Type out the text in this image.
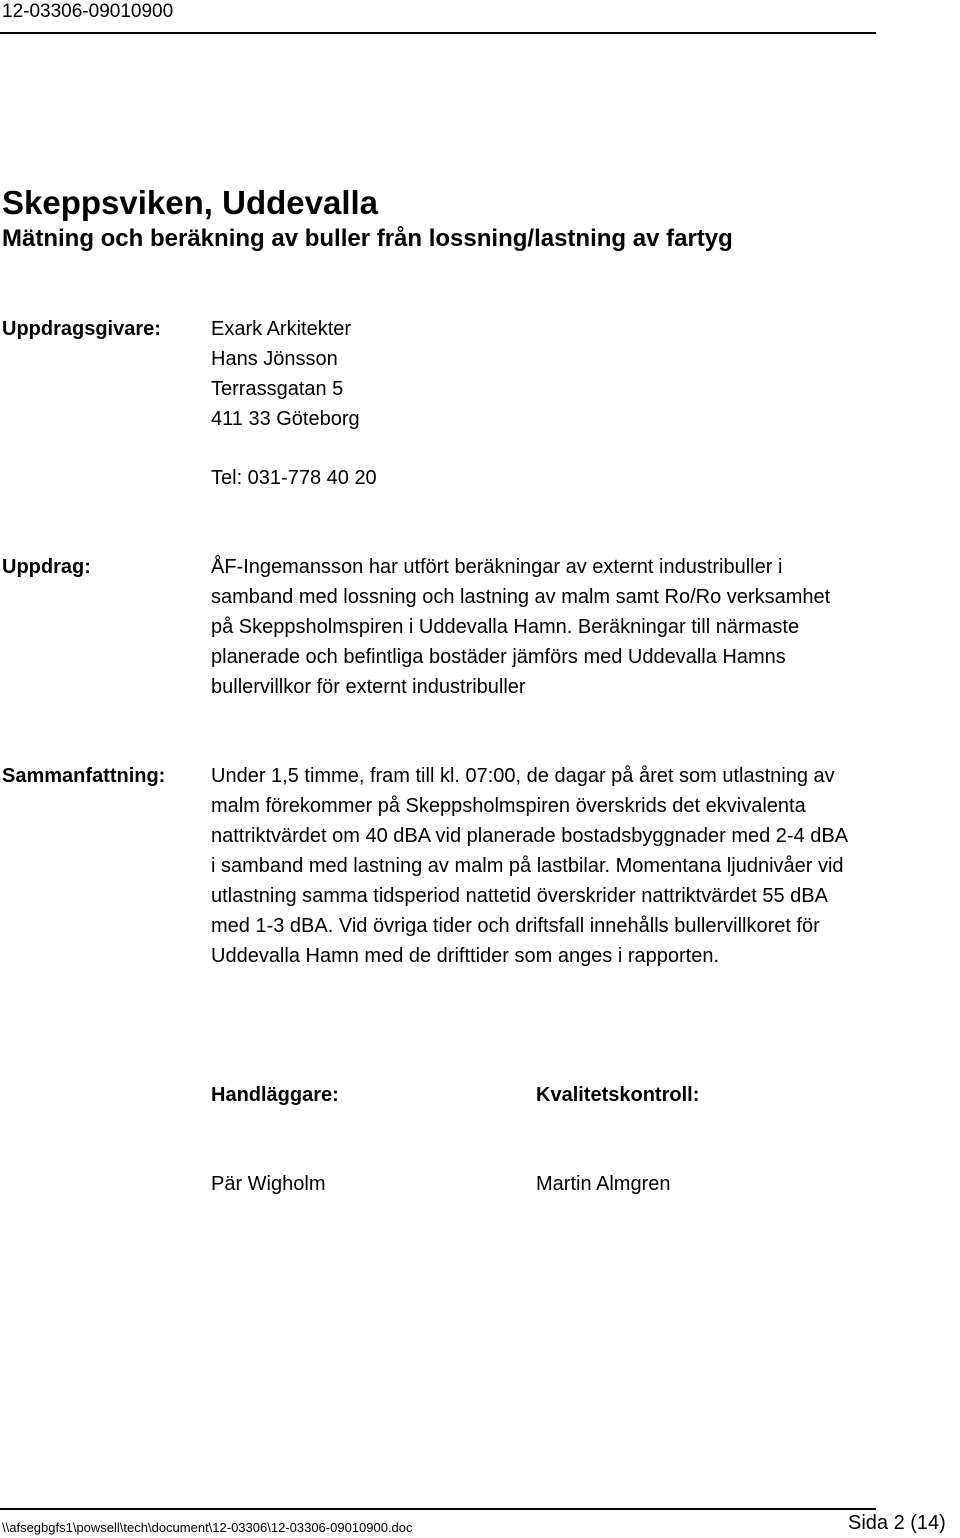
12-03306-09010900
Skeppsviken, Uddevalla
Mätning och beräkning av buller från lossning/lastning av fartyg
Uppdragsgivare:	Exark Arkitekter
Hans Jönsson
Terrassgatan 5
411 33 Göteborg
Tel: 031-778 40 20
Uppdrag:	ÅF-Ingemansson har utfört beräkningar av externt industribuller i
samband med lossning och lastning av malm samt Ro/Ro verksamhet
på Skeppsholmspiren i Uddevalla Hamn. Beräkningar till närmaste
planerade och befintliga bostäder jämförs med Uddevalla Hamns
bullervillkor för externt industribuller
Sammanfattning: Under 1,5 timme, fram till kl. 07:00, de dagar på året som utlastning av
malm förekommer på Skeppsholmspiren överskrids det ekvivalenta
nattriktvärdet om 40 dBA vid planerade bostadsbyggnader med 2-4 dBA
i samband med lastning av malm på lastbilar. Momentana ljudnivåer vid
utlastning samma tidsperiod nattetid överskrider nattriktvärdet 55 dBA
med 1-3 dBA. Vid övriga tider och driftsfall innehålls bullervillkoret för
Uddevalla Hamn med de drifttider som anges i rapporten.
Handläggare:	Kvalitetskontroll:
Pär Wigholm	Martin Almgren
\\afsegbgfs1\powsell\tech\document\12-03306\12-03306-09010900.doc	Sida 2 (14)
